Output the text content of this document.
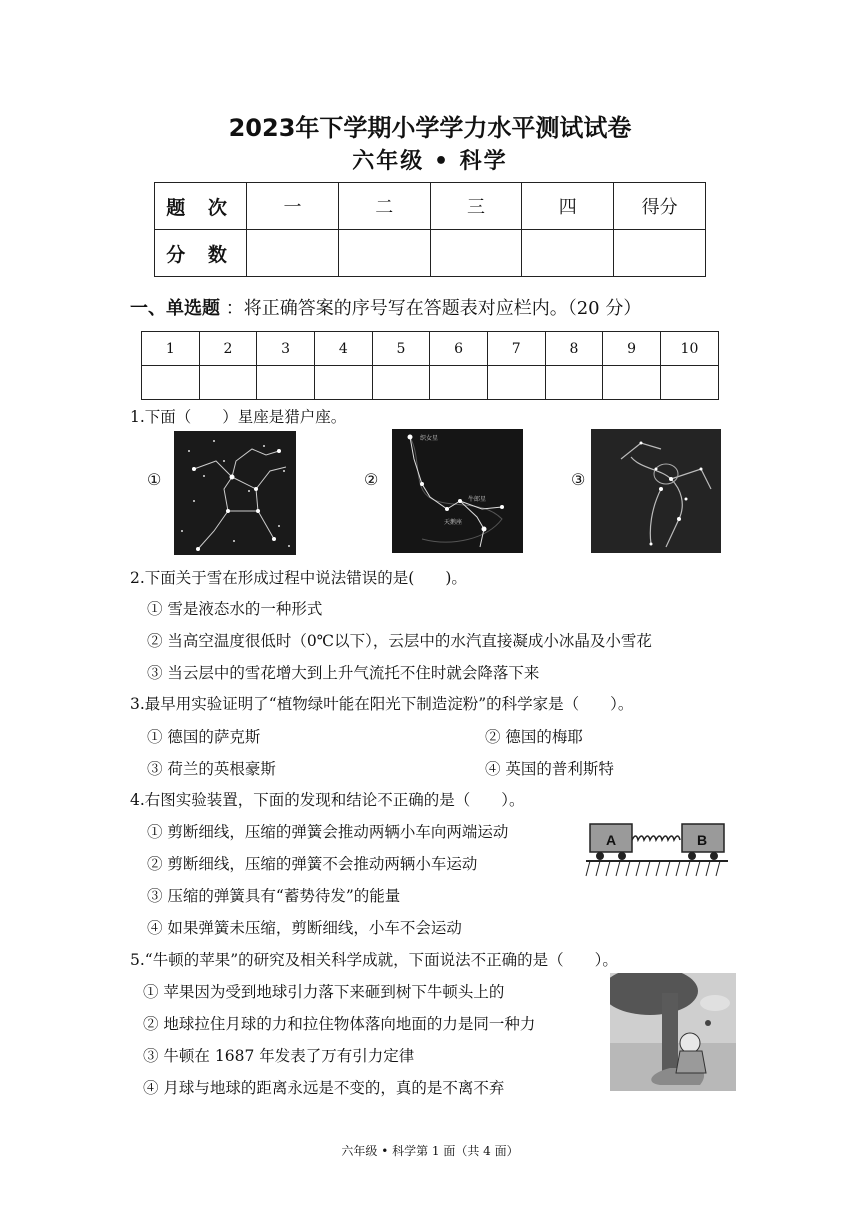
2023年下学期小学学力水平测试试卷
六年级 • 科学
题 次	一	二	三	四	得分
分 数					
一、单选题 ：将正确答案的序号写在答题表对应栏内。（20 分）
1	2	3	4	5	6	7	8	9	10

1.下面（　　）星座是猎户座。
①	②
织女星
牛郎星
天鹅座
③
2.下面关于雪在形成过程中说法错误的是(　　)。
① 雪是液态水的一种形式
② 当高空温度很低时（0℃以下），云层中的水汽直接凝成小冰晶及小雪花
③ 当云层中的雪花增大到上升气流托不住时就会降落下来
3.最早用实验证明了“植物绿叶能在阳光下制造淀粉”的科学家是（　　）。
① 德国的萨克斯	② 德国的梅耶
③ 荷兰的英根豪斯	④ 英国的普利斯特
4.右图实验装置，下面的发现和结论不正确的是（　　）。
① 剪断细线，压缩的弹簧会推动两辆小车向两端运动
② 剪断细线，压缩的弹簧不会推动两辆小车运动
③ 压缩的弹簧具有“蓄势待发”的能量
④ 如果弹簧未压缩，剪断细线，小车不会运动
A	B
5.“牛顿的苹果”的研究及相关科学成就，下面说法不正确的是（　　）。
① 苹果因为受到地球引力落下来砸到树下牛顿头上的
② 地球拉住月球的力和拉住物体落向地面的力是同一种力
③ 牛顿在 1687 年发表了万有引力定律
④ 月球与地球的距离永远是不变的，真的是不离不弃
六年级 • 科学第 1 面（共 4 面）
